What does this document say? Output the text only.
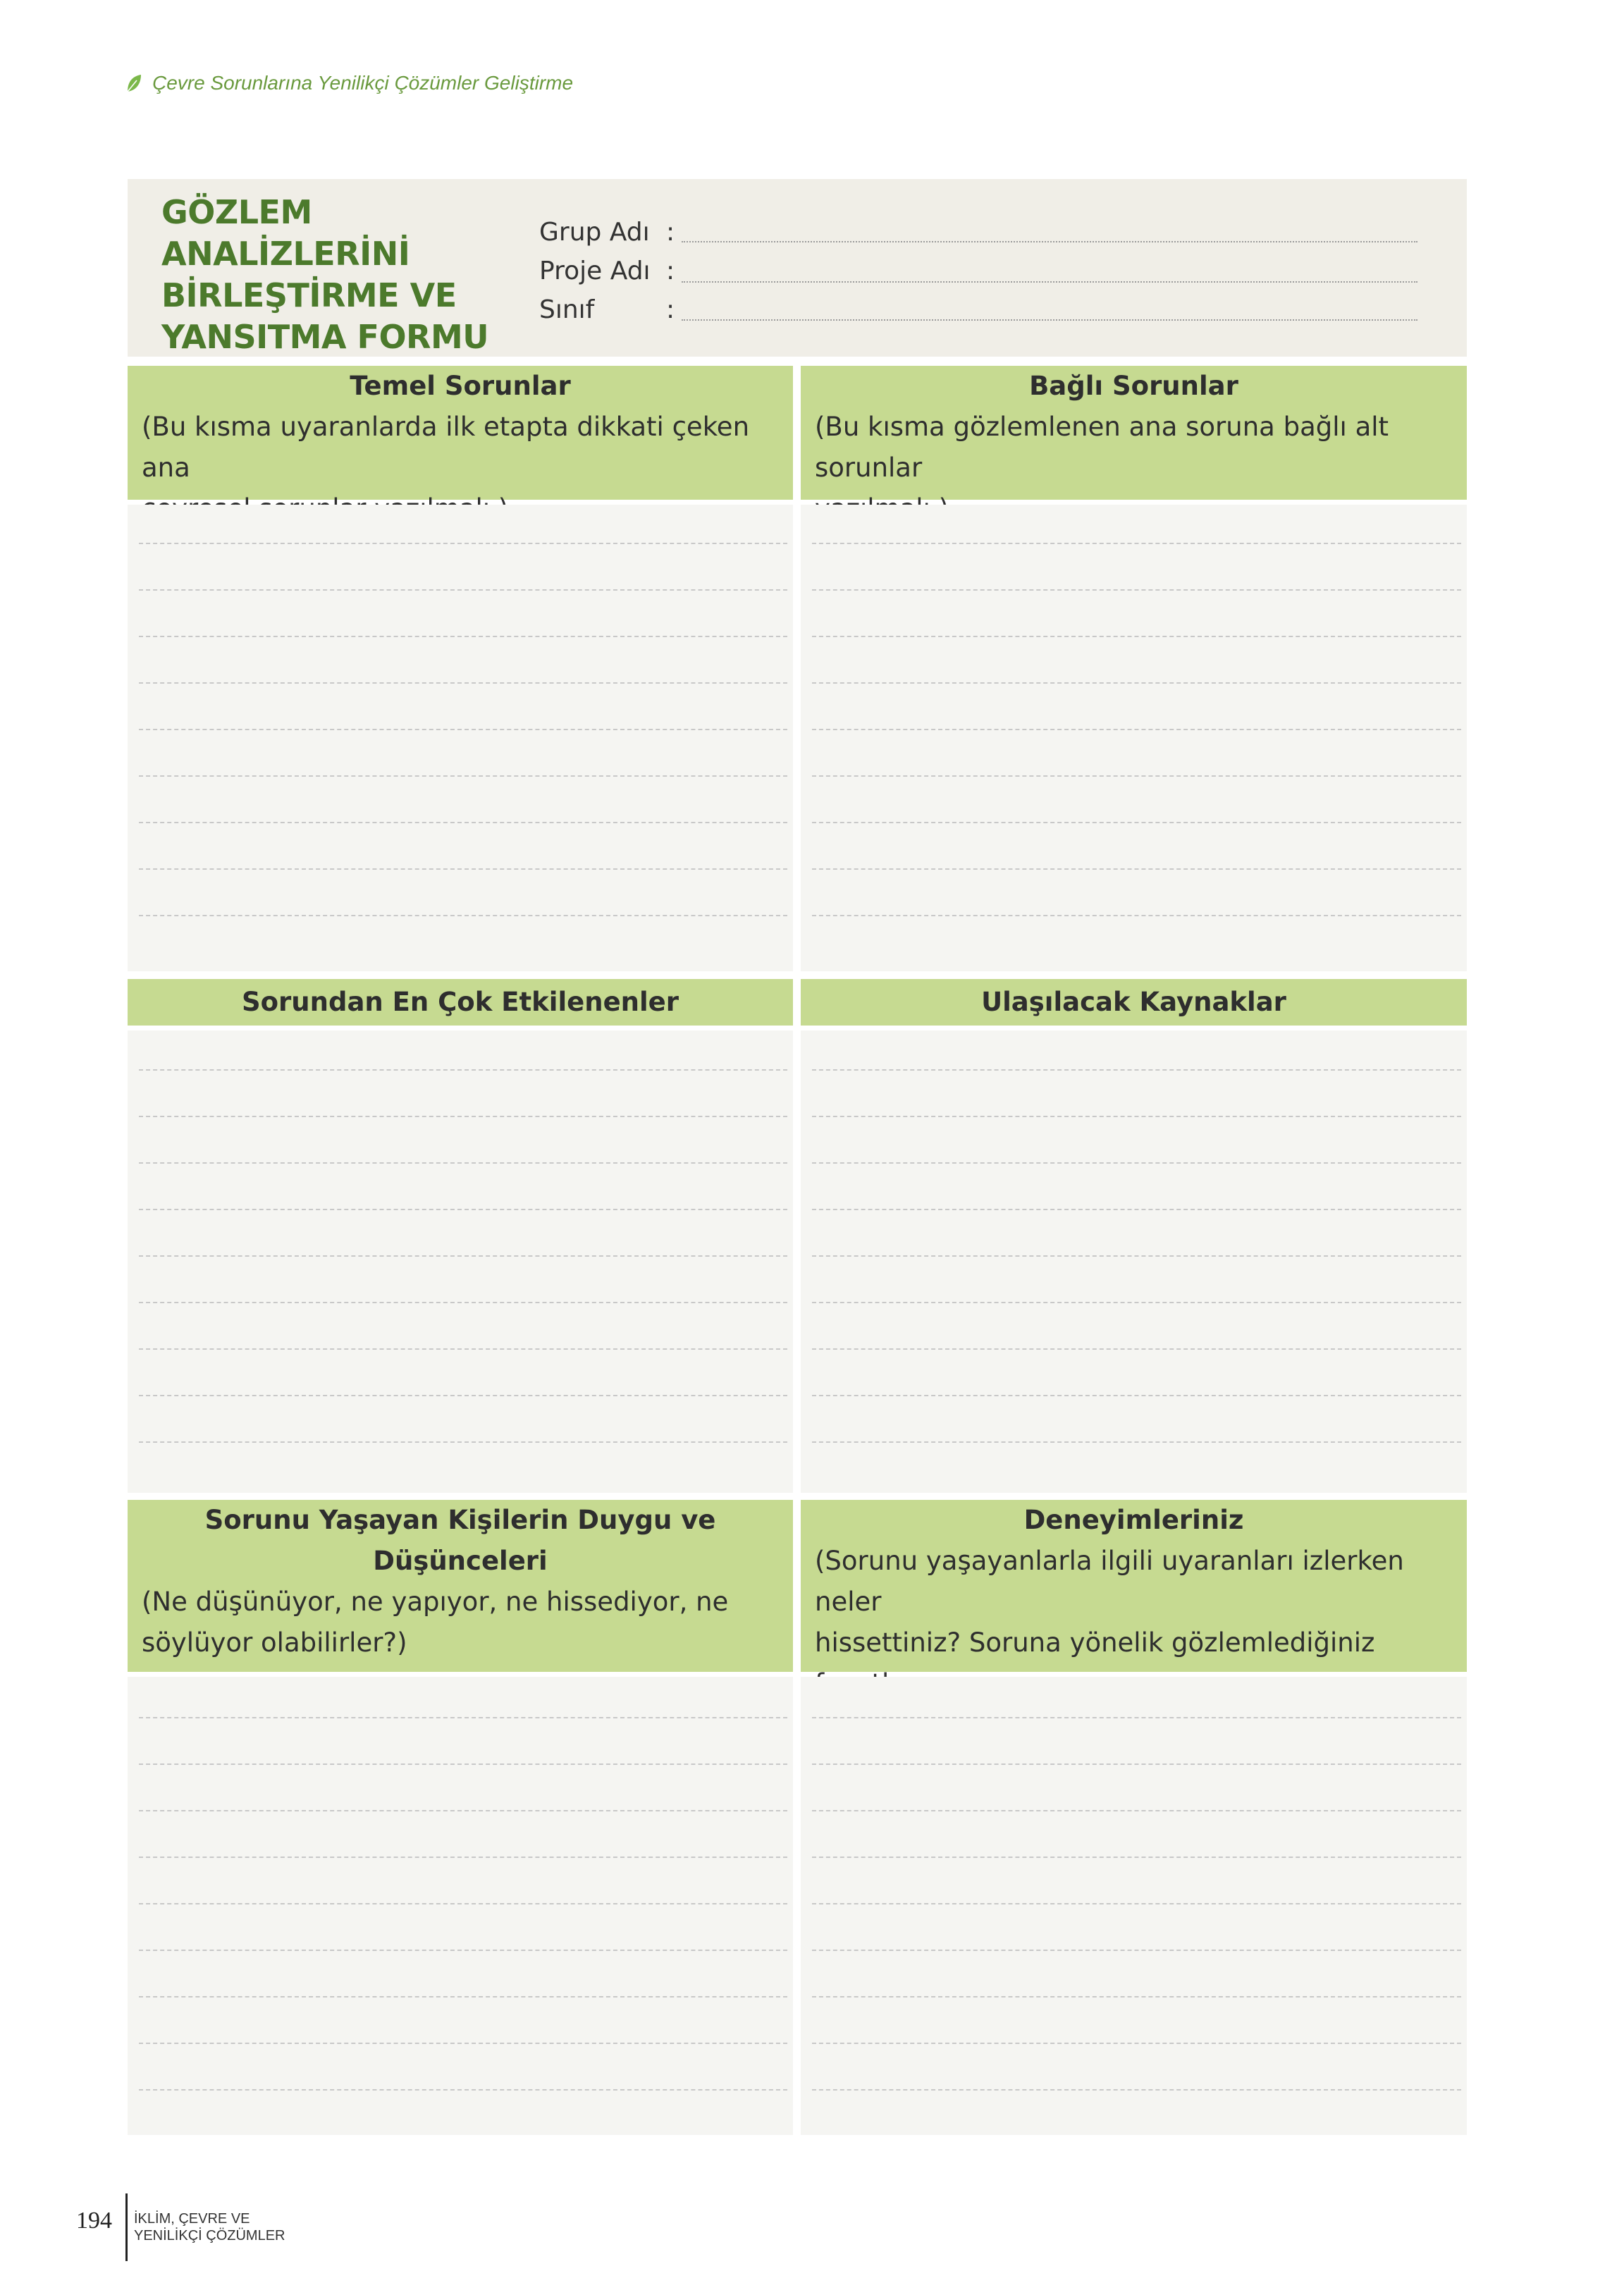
Çevre Sorunlarına Yenilikçi Çözümler Geliştirme
GÖZLEM
ANALİZLERİNİ
BİRLEŞTİRME VE
YANSITMA FORMU
Grup Adı :
Proje Adı :
Sınıf	:
Temel Sorunlar
(Bu kısma uyaranlarda ilk etapta dikkati çeken ana
Bağlı Sorunlar
(Bu kısma gözlemlenen ana soruna bağlı alt sorunlar
Sorundan En Çok Etkilenenler	Ulaşılacak Kaynaklar
Sorunu Yaşayan Kişilerin Duygu ve Düşünceleri
(Ne düşünüyor, ne yapıyor, ne hissediyor, ne
söylüyor olabilirler?)
Deneyimleriniz
(Sorunu yaşayanlarla ilgili uyaranları izlerken neler
hissettiniz? Soruna yönelik gözlemlediğiniz
194 İKLİM, ÇEVRE VE
YENİLİKÇİ ÇÖZÜMLER
